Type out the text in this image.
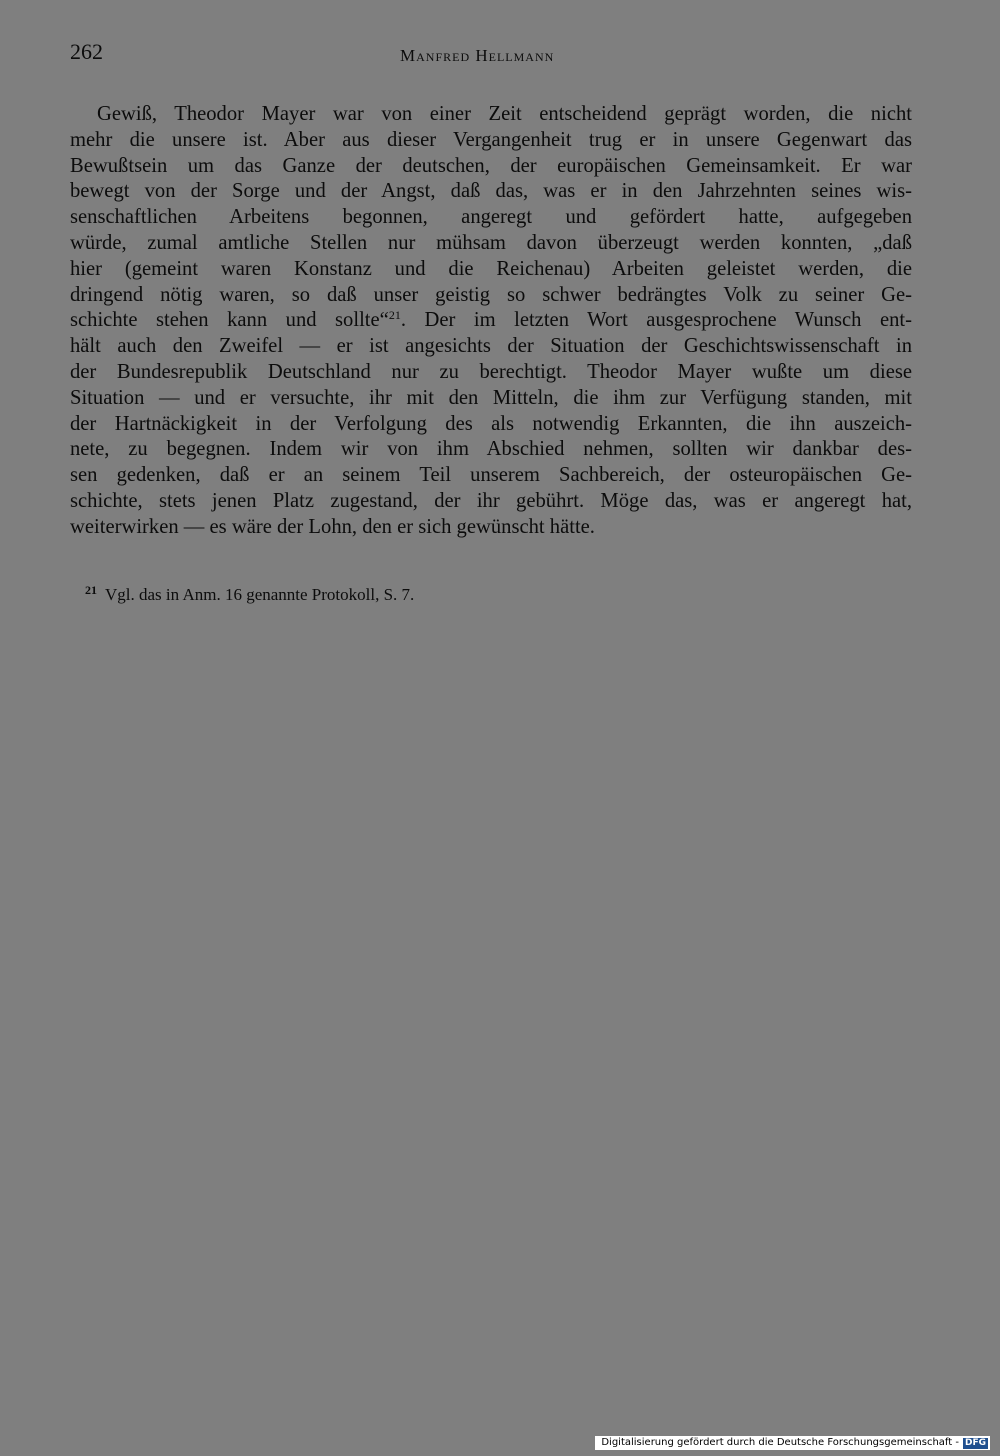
262	Manfred Hellmann
Gewiß, Theodor Mayer war von einer Zeit entscheidend geprägt worden, die nicht
mehr die unsere ist. Aber aus dieser Vergangenheit trug er in unsere Gegenwart das
Bewußtsein um das Ganze der deutschen, der europäischen Gemeinsamkeit. Er war
bewegt von der Sorge und der Angst, daß das, was er in den Jahrzehnten seines wis-
senschaftlichen Arbeitens begonnen, angeregt und gefördert hatte, aufgegeben
würde, zumal amtliche Stellen nur mühsam davon überzeugt werden konnten, „daß
hier (gemeint waren Konstanz und die Reichenau) Arbeiten geleistet werden, die
dringend nötig waren, so daß unser geistig so schwer bedrängtes Volk zu seiner Ge-
schichte stehen kann und sollte“$^{21}$. Der im letzten Wort ausgesprochene Wunsch ent-
hält auch den Zweifel — er ist angesichts der Situation der Geschichtswissenschaft in
der Bundesrepublik Deutschland nur zu berechtigt. Theodor Mayer wußte um diese
Situation — und er versuchte, ihr mit den Mitteln, die ihm zur Verfügung standen, mit
der Hartnäckigkeit in der Verfolgung des als notwendig Erkannten, die ihn auszeich-
nete, zu begegnen. Indem wir von ihm Abschied nehmen, sollten wir dankbar des-
sen gedenken, daß er an seinem Teil unserem Sachbereich, der osteuropäischen Ge-
schichte, stets jenen Platz zugestand, der ihr gebührt. Möge das, was er angeregt hat,
weiterwirken — es wäre der Lohn, den er sich gewünscht hätte.
$^{21}$ Vgl. das in Anm. 16 genannte Protokoll, S. 7.
Digitalisierung gefördert durch die Deutsche Forschungsgemeinschaft - DFG
